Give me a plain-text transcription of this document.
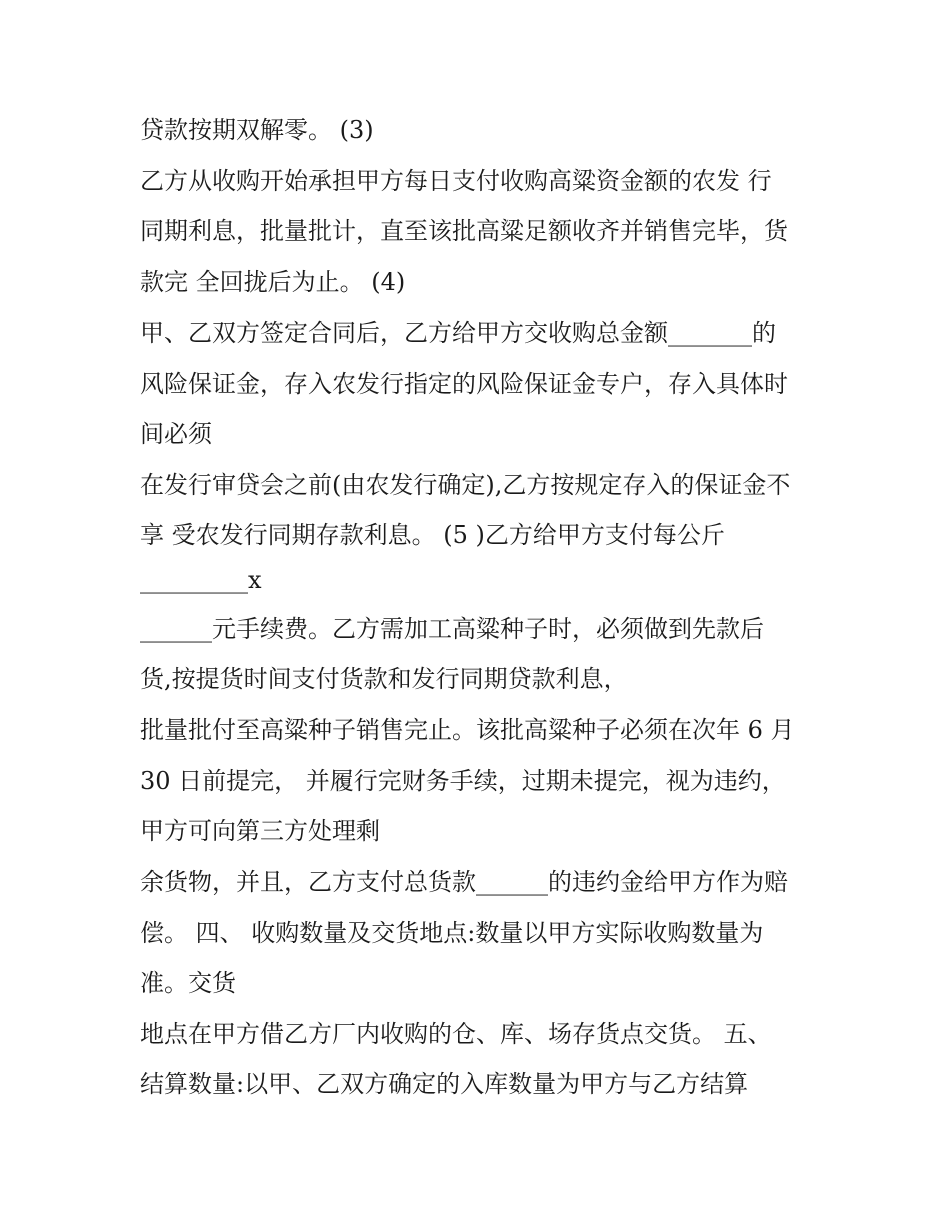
贷款按期双解零。 (3)
乙方从收购开始承担甲方每日支付收购高粱资金额的农发 行
同期利息，批量批计，直至该批高粱足额收齐并销售完毕，货
款完 全回拢后为止。 (4)
甲、乙双方签定合同后，乙方给甲方交收购总金额_______的
风险保证金，存入农发行指定的风险保证金专户，存入具体时
间必须
在发行审贷会之前(由农发行确定),乙方按规定存入的保证金不
享 受农发行同期存款利息。 (5 )乙方给甲方支付每公斤
_________x
______元手续费。乙方需加工高粱种子时，必须做到先款后
货,按提货时间支付货款和发行同期贷款利息，
批量批付至高粱种子销售完止。该批高粱种子必须在次年 6 月
30 日前提完， 并履行完财务手续，过期未提完，视为违约，
甲方可向第三方处理剩
余货物，并且，乙方支付总货款______的违约金给甲方作为赔
偿。 四、 收购数量及交货地点:数量以甲方实际收购数量为
准。交货
地点在甲方借乙方厂内收购的仓、库、场存货点交货。 五、
结算数量:以甲、乙双方确定的入库数量为甲方与乙方结算
